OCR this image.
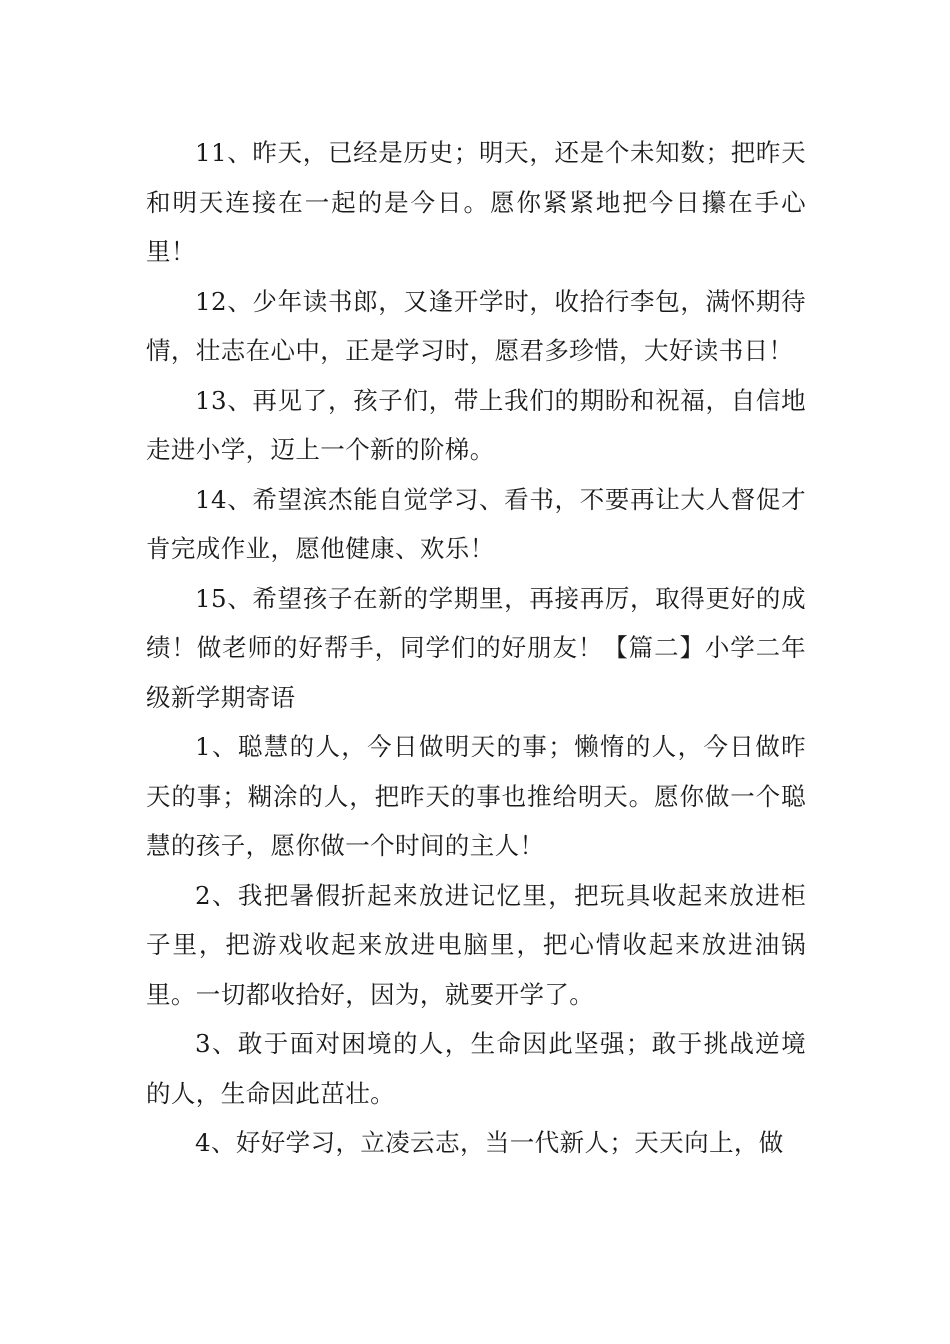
11、昨天，已经是历史；明天，还是个未知数；把昨天和明天连接在一起的是今日。愿你紧紧地把今日攥在手心里！

12、少年读书郎，又逢开学时，收拾行李包，满怀期待情，壮志在心中，正是学习时，愿君多珍惜，大好读书日！

13、再见了，孩子们，带上我们的期盼和祝福，自信地走进小学，迈上一个新的阶梯。

14、希望滨杰能自觉学习、看书，不要再让大人督促才肯完成作业，愿他健康、欢乐！

15、希望孩子在新的学期里，再接再厉，取得更好的成绩！做老师的好帮手，同学们的好朋友！【篇二】小学二年级新学期寄语

1、聪慧的人，今日做明天的事；懒惰的人，今日做昨天的事；糊涂的人，把昨天的事也推给明天。愿你做一个聪慧的孩子，愿你做一个时间的主人！

2、我把暑假折起来放进记忆里，把玩具收起来放进柜子里，把游戏收起来放进电脑里，把心情收起来放进油锅里。一切都收拾好，因为，就要开学了。

3、敢于面对困境的人，生命因此坚强；敢于挑战逆境的人，生命因此茁壮。

4、好好学习，立凌云志，当一代新人；天天向上，做
